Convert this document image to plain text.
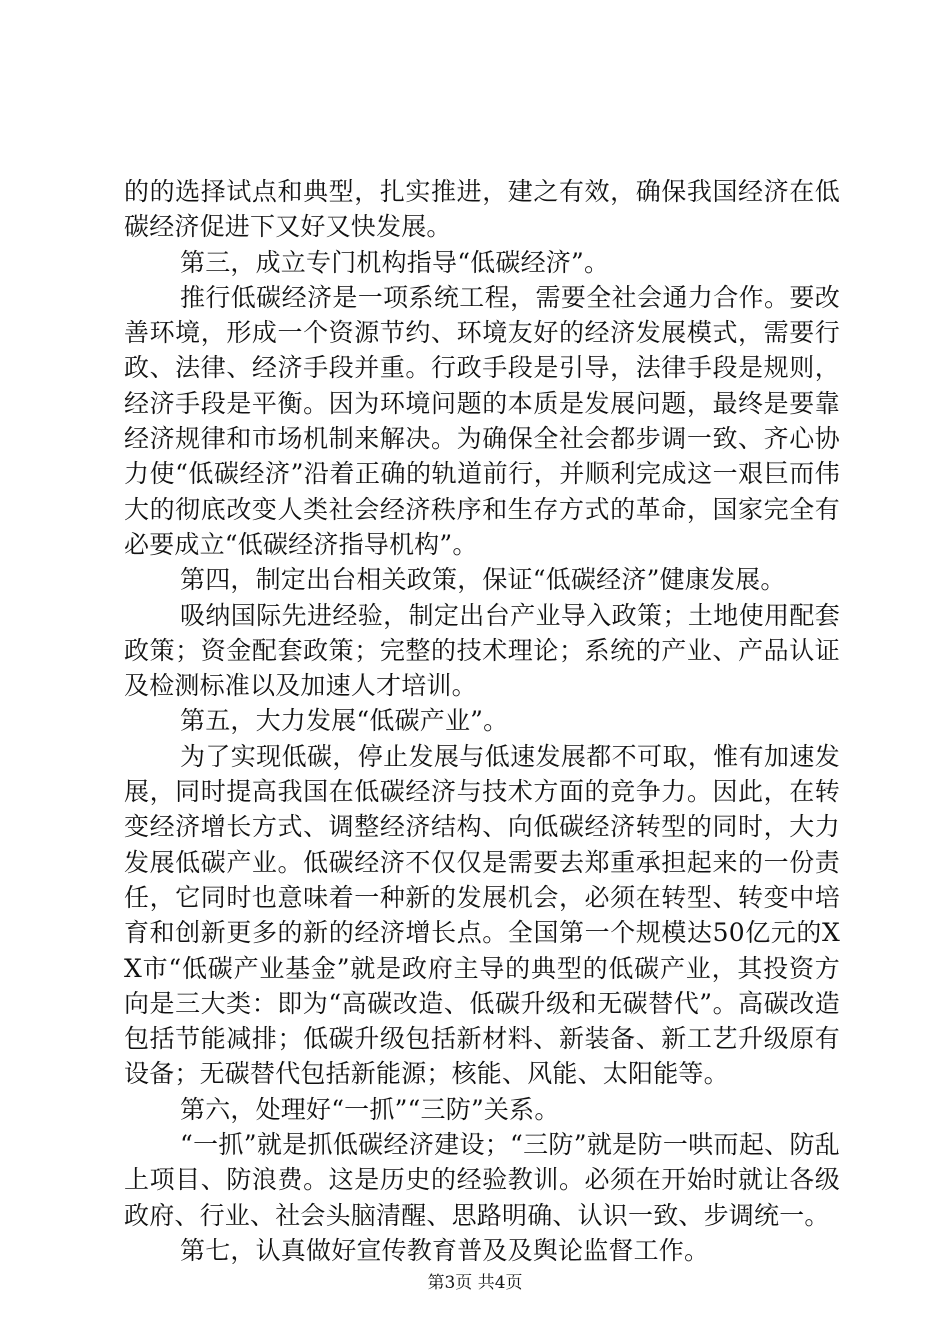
的的选择试点和典型，扎实推进，建之有效，确保我国经济在低碳经济促进下又好又快发展。

第三，成立专门机构指导“低碳经济”。

推行低碳经济是一项系统工程，需要全社会通力合作。要改善环境，形成一个资源节约、环境友好的经济发展模式，需要行政、法律、经济手段并重。行政手段是引导，法律手段是规则，经济手段是平衡。因为环境问题的本质是发展问题，最终是要靠经济规律和市场机制来解决。为确保全社会都步调一致、齐心协力使“低碳经济”沿着正确的轨道前行，并顺利完成这一艰巨而伟大的彻底改变人类社会经济秩序和生存方式的革命，国家完全有必要成立“低碳经济指导机构”。

第四，制定出台相关政策，保证“低碳经济”健康发展。

吸纳国际先进经验，制定出台产业导入政策；土地使用配套政策；资金配套政策；完整的技术理论；系统的产业、产品认证及检测标准以及加速人才培训。

第五，大力发展“低碳产业”。

为了实现低碳，停止发展与低速发展都不可取，惟有加速发展，同时提高我国在低碳经济与技术方面的竞争力。因此，在转变经济增长方式、调整经济结构、向低碳经济转型的同时，大力发展低碳产业。低碳经济不仅仅是需要去郑重承担起来的一份责任，它同时也意味着一种新的发展机会，必须在转型、转变中培育和创新更多的新的经济增长点。全国第一个规模达50亿元的XX市“低碳产业基金”就是政府主导的典型的低碳产业，其投资方向是三大类：即为“高碳改造、低碳升级和无碳替代”。高碳改造包括节能减排；低碳升级包括新材料、新装备、新工艺升级原有设备；无碳替代包括新能源；核能、风能、太阳能等。

第六，处理好“一抓”“三防”关系。

“一抓”就是抓低碳经济建设；“三防”就是防一哄而起、防乱上项目、防浪费。这是历史的经验教训。必须在开始时就让各级政府、行业、社会头脑清醒、思路明确、认识一致、步调统一。

第七，认真做好宣传教育普及及舆论监督工作。

第3页 共4页
